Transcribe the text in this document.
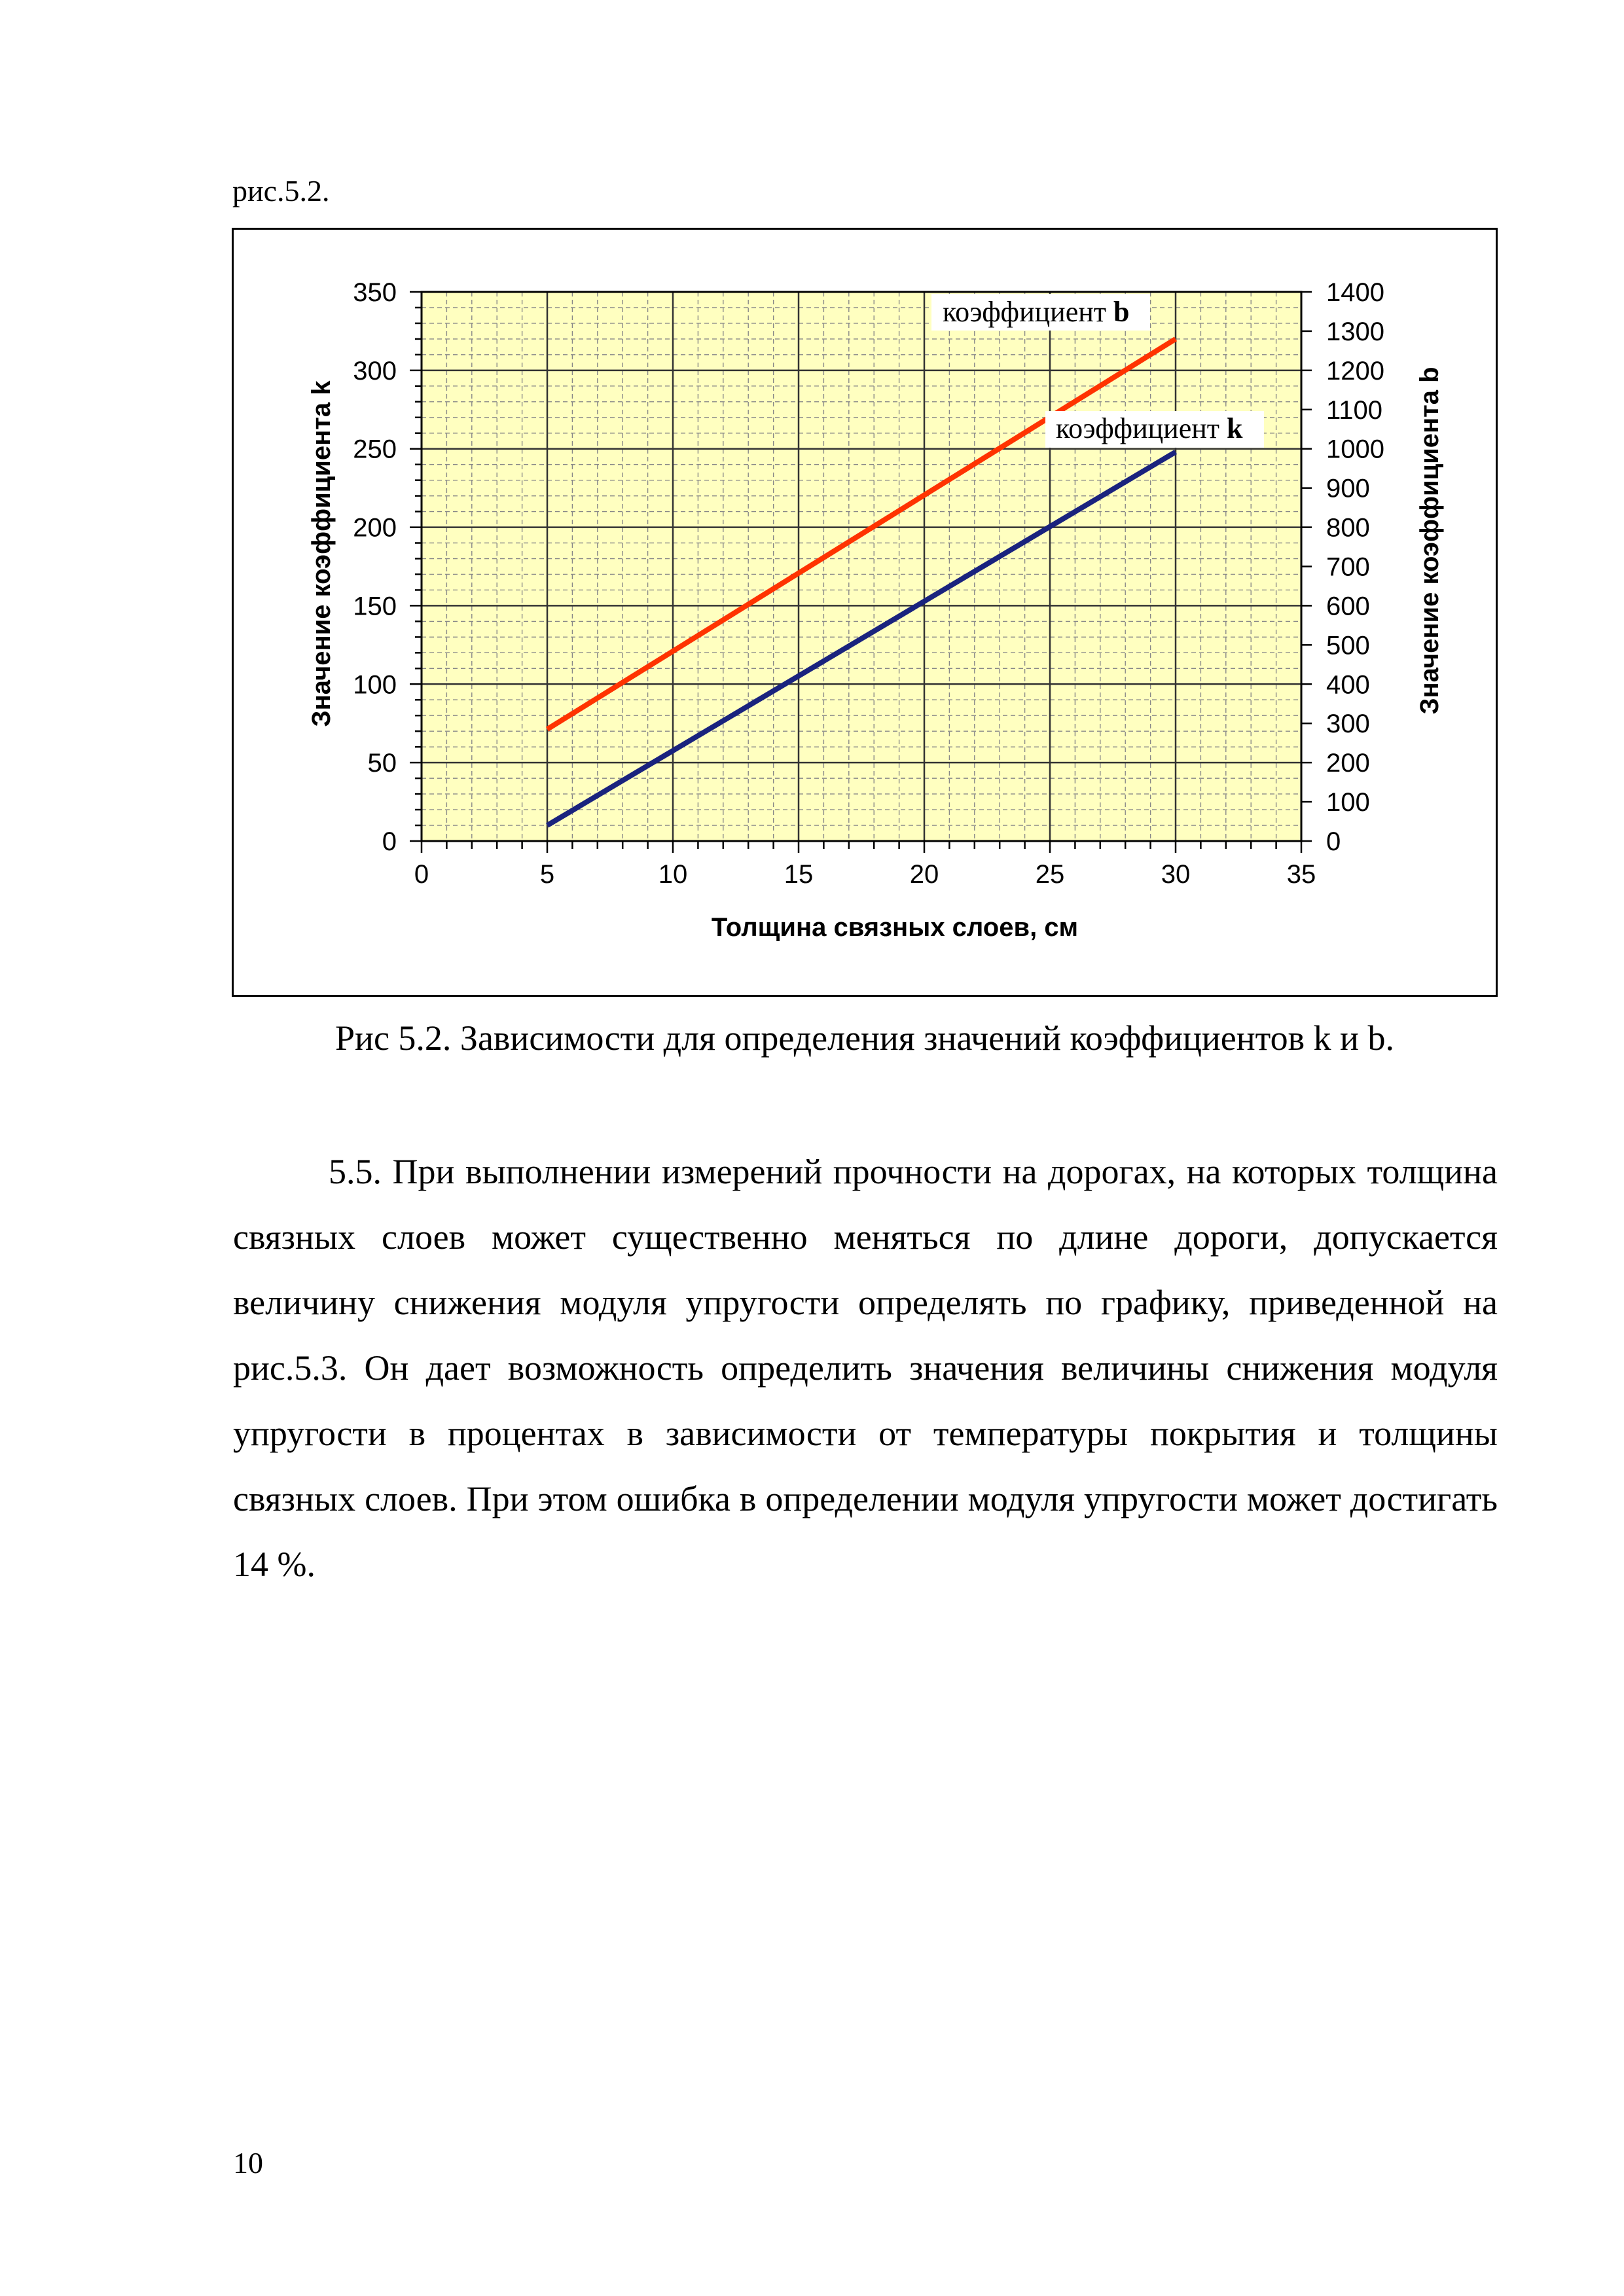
рис.5.2.
0	5	10	15	20	25	30	35
0
50
100
150
200
250
300
350
0
100
200
300
400
500
600
700
800
900
1000
1100
1200
1300
1400
Толщина связных слоев, см
Значение коэффициента k	Значение коэффициента b
коэффициент b
коэффициент k
Рис 5.2. Зависимости для определения значений коэффициентов k и b.
5.5. При выполнении измерений прочности на дорогах, на которых толщина связных слоев может существенно меняться по длине дороги, допускается величину снижения модуля упругости определять по графику, приведенной на рис.5.3. Он дает возможность определить значения величины снижения модуля упругости в процентах в зависимости от температуры покрытия и толщины связных слоев. При этом ошибка в определении модуля упругости может достигать 14 %.
10
